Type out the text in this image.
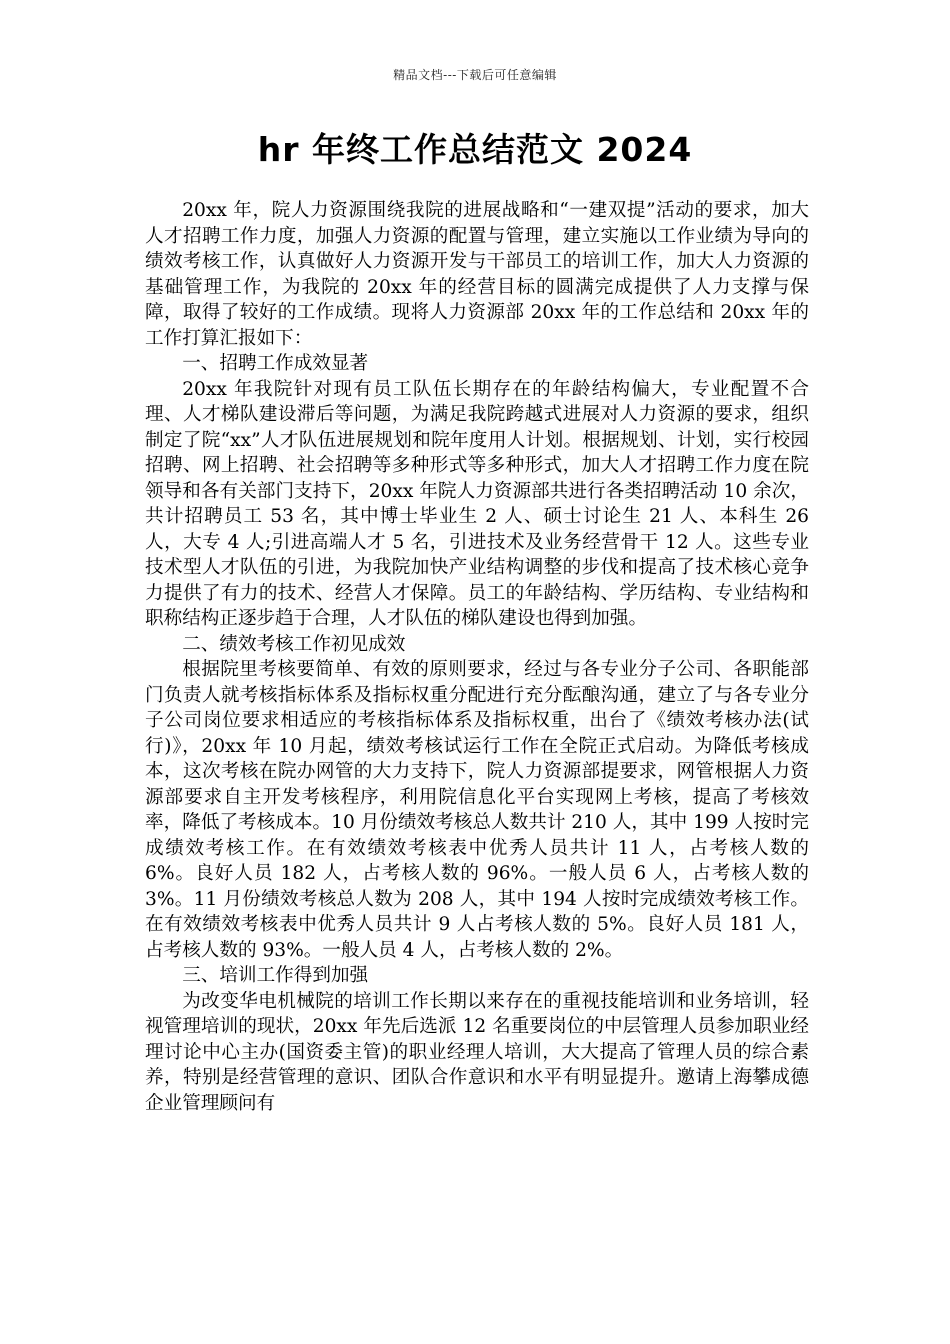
精品文档---下载后可任意编辑
hr 年终工作总结范文 2024

20xx 年，院人力资源围绕我院的进展战略和“一建双提”活动的要求，加大人才招聘工作力度，加强人力资源的配置与管理，建立实施以工作业绩为导向的绩效考核工作，认真做好人力资源开发与干部员工的培训工作，加大人力资源的基础管理工作，为我院的 20xx 年的经营目标的圆满完成提供了人力支撑与保障，取得了较好的工作成绩。现将人力资源部 20xx 年的工作总结和 20xx 年的工作打算汇报如下：

一、招聘工作成效显著

20xx 年我院针对现有员工队伍长期存在的年龄结构偏大，专业配置不合理、人才梯队建设滞后等问题，为满足我院跨越式进展对人力资源的要求，组织制定了院“xx”人才队伍进展规划和院年度用人计划。根据规划、计划，实行校园招聘、网上招聘、社会招聘等多种形式等多种形式，加大人才招聘工作力度在院领导和各有关部门支持下，20xx 年院人力资源部共进行各类招聘活动 10 余次，共计招聘员工 53 名，其中博士毕业生 2 人、硕士讨论生 21 人、本科生 26 人，大专 4 人;引进高端人才 5 名，引进技术及业务经营骨干 12 人。这些专业技术型人才队伍的引进，为我院加快产业结构调整的步伐和提高了技术核心竞争力提供了有力的技术、经营人才保障。员工的年龄结构、学历结构、专业结构和职称结构正逐步趋于合理，人才队伍的梯队建设也得到加强。

二、绩效考核工作初见成效

根据院里考核要简单、有效的原则要求，经过与各专业分子公司、各职能部门负责人就考核指标体系及指标权重分配进行充分酝酿沟通，建立了与各专业分子公司岗位要求相适应的考核指标体系及指标权重，出台了《绩效考核办法(试行)》，20xx 年 10 月起，绩效考核试运行工作在全院正式启动。为降低考核成本，这次考核在院办网管的大力支持下，院人力资源部提要求，网管根据人力资源部要求自主开发考核程序，利用院信息化平台实现网上考核，提高了考核效率，降低了考核成本。10 月份绩效考核总人数共计 210 人，其中 199 人按时完成绩效考核工作。在有效绩效考核表中优秀人员共计 11 人，占考核人数的 6%。良好人员 182 人，占考核人数的 96%。一般人员 6 人，占考核人数的 3%。11 月份绩效考核总人数为 208 人，其中 194 人按时完成绩效考核工作。在有效绩效考核表中优秀人员共计 9 人占考核人数的 5%。良好人员 181 人，占考核人数的 93%。一般人员 4 人，占考核人数的 2%。

三、培训工作得到加强

为改变华电机械院的培训工作长期以来存在的重视技能培训和业务培训，轻视管理培训的现状，20xx 年先后选派 12 名重要岗位的中层管理人员参加职业经理讨论中心主办(国资委主管)的职业经理人培训，大大提高了管理人员的综合素养，特别是经营管理的意识、团队合作意识和水平有明显提升。邀请上海攀成德企业管理顾问有
